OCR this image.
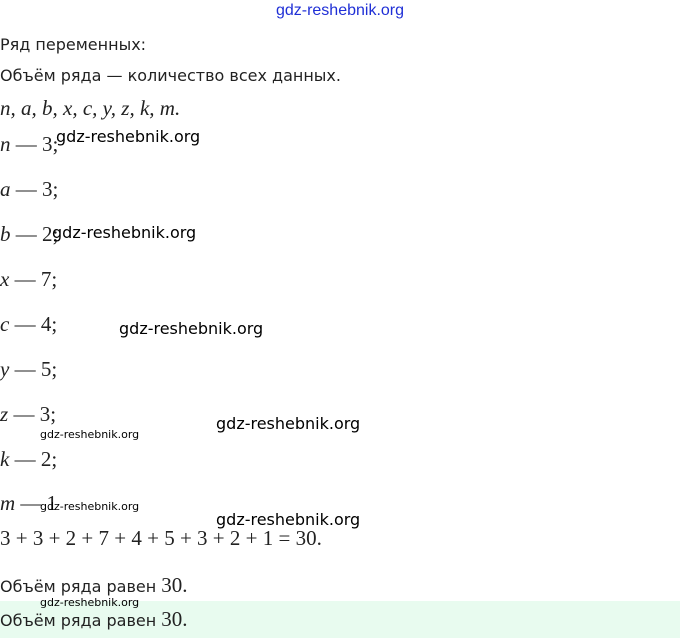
gdz-reshebnik.org
Ряд переменных:
Объём ряда — количество всех данных.
n, a, b, x, c, y, z, k, m.
n — 3;
a — 3;
b — 2;
x — 7;
c — 4;
y — 5;
z — 3;
k — 2;
m — 1
3 + 3 + 2 + 7 + 4 + 5 + 3 + 2 + 1 = 30.
Объём ряда равен 30.
Объём ряда равен 30.
gdz-reshebnik.org
gdz-reshebnik.org
gdz-reshebnik.org
gdz-reshebnik.org
gdz-reshebnik.org
gdz-reshebnik.org
gdz-reshebnik.org
gdz-reshebnik.org
